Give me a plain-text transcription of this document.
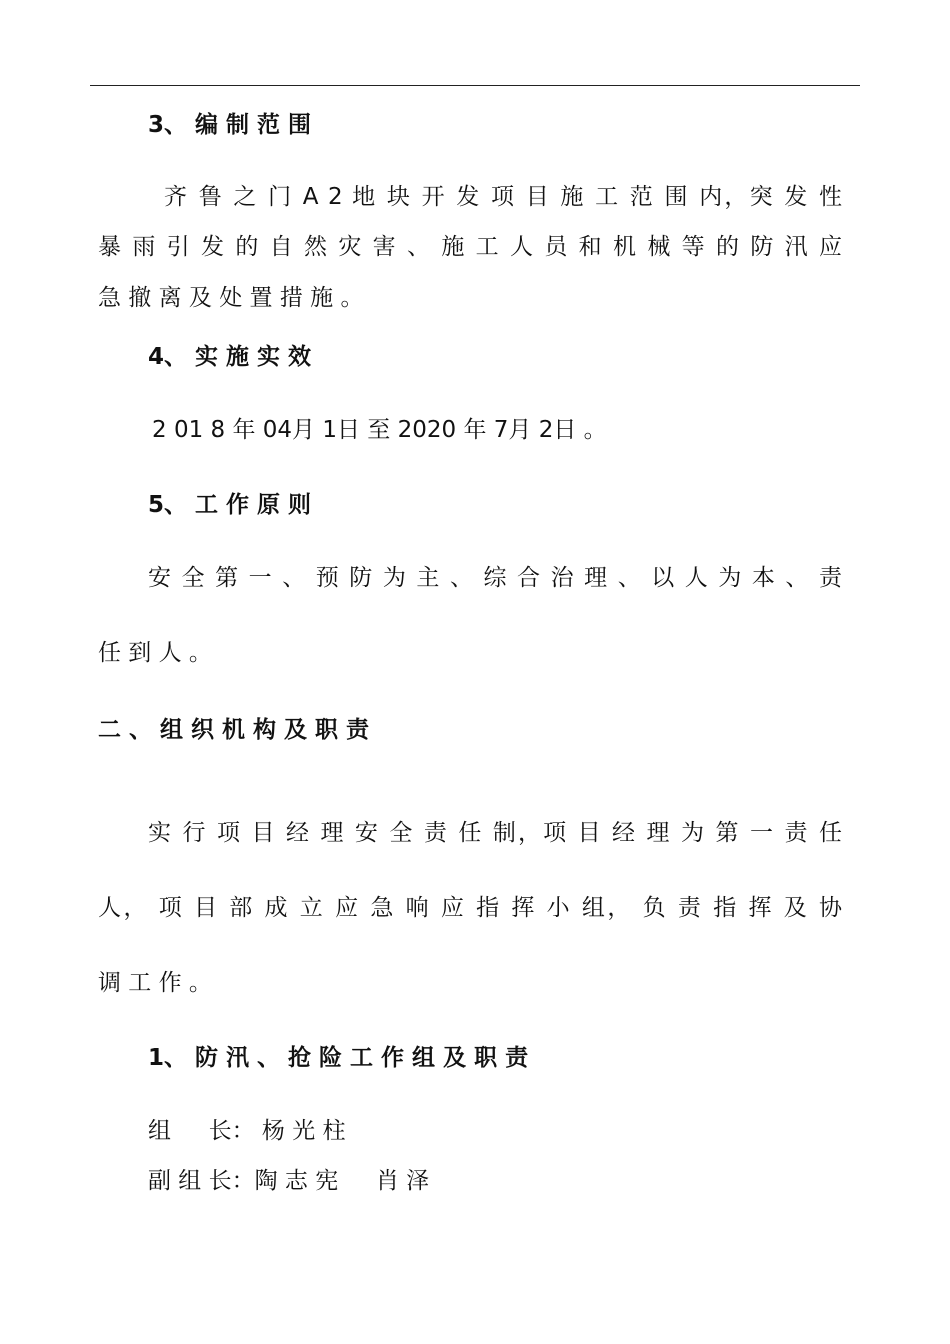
3、 编 制 范 围

齐 鲁 之 门 A 2 地 块 开 发 项 目 施 工 范 围 内，突 发 性

暴 雨 引 发 的 自 然 灾 害 、 施 工 人 员 和 机 械 等 的 防 汛 应

急 撤 离 及 处 置 措 施 。

4、 实 施 实 效

2 01 8 年 04月 1日 至 2020 年 7月 2日 。

5、 工 作 原 则

安 全 第 一 、 预 防 为 主 、 综 合 治 理 、 以 人 为 本 、 责

任 到 人 。

二 、 组 织 机 构 及 职 责

实 行 项 目 经 理 安 全 责 任 制，项 目 经 理 为 第 一 责 任

人， 项 目 部 成 立 应 急 响 应 指 挥 小 组， 负 责 指 挥 及 协

调 工 作 。

1、 防 汛 、 抢 险 工 作 组 及 职 责

组 　 长： 杨 光 柱

副 组 长：陶 志 宪 　 肖 泽
